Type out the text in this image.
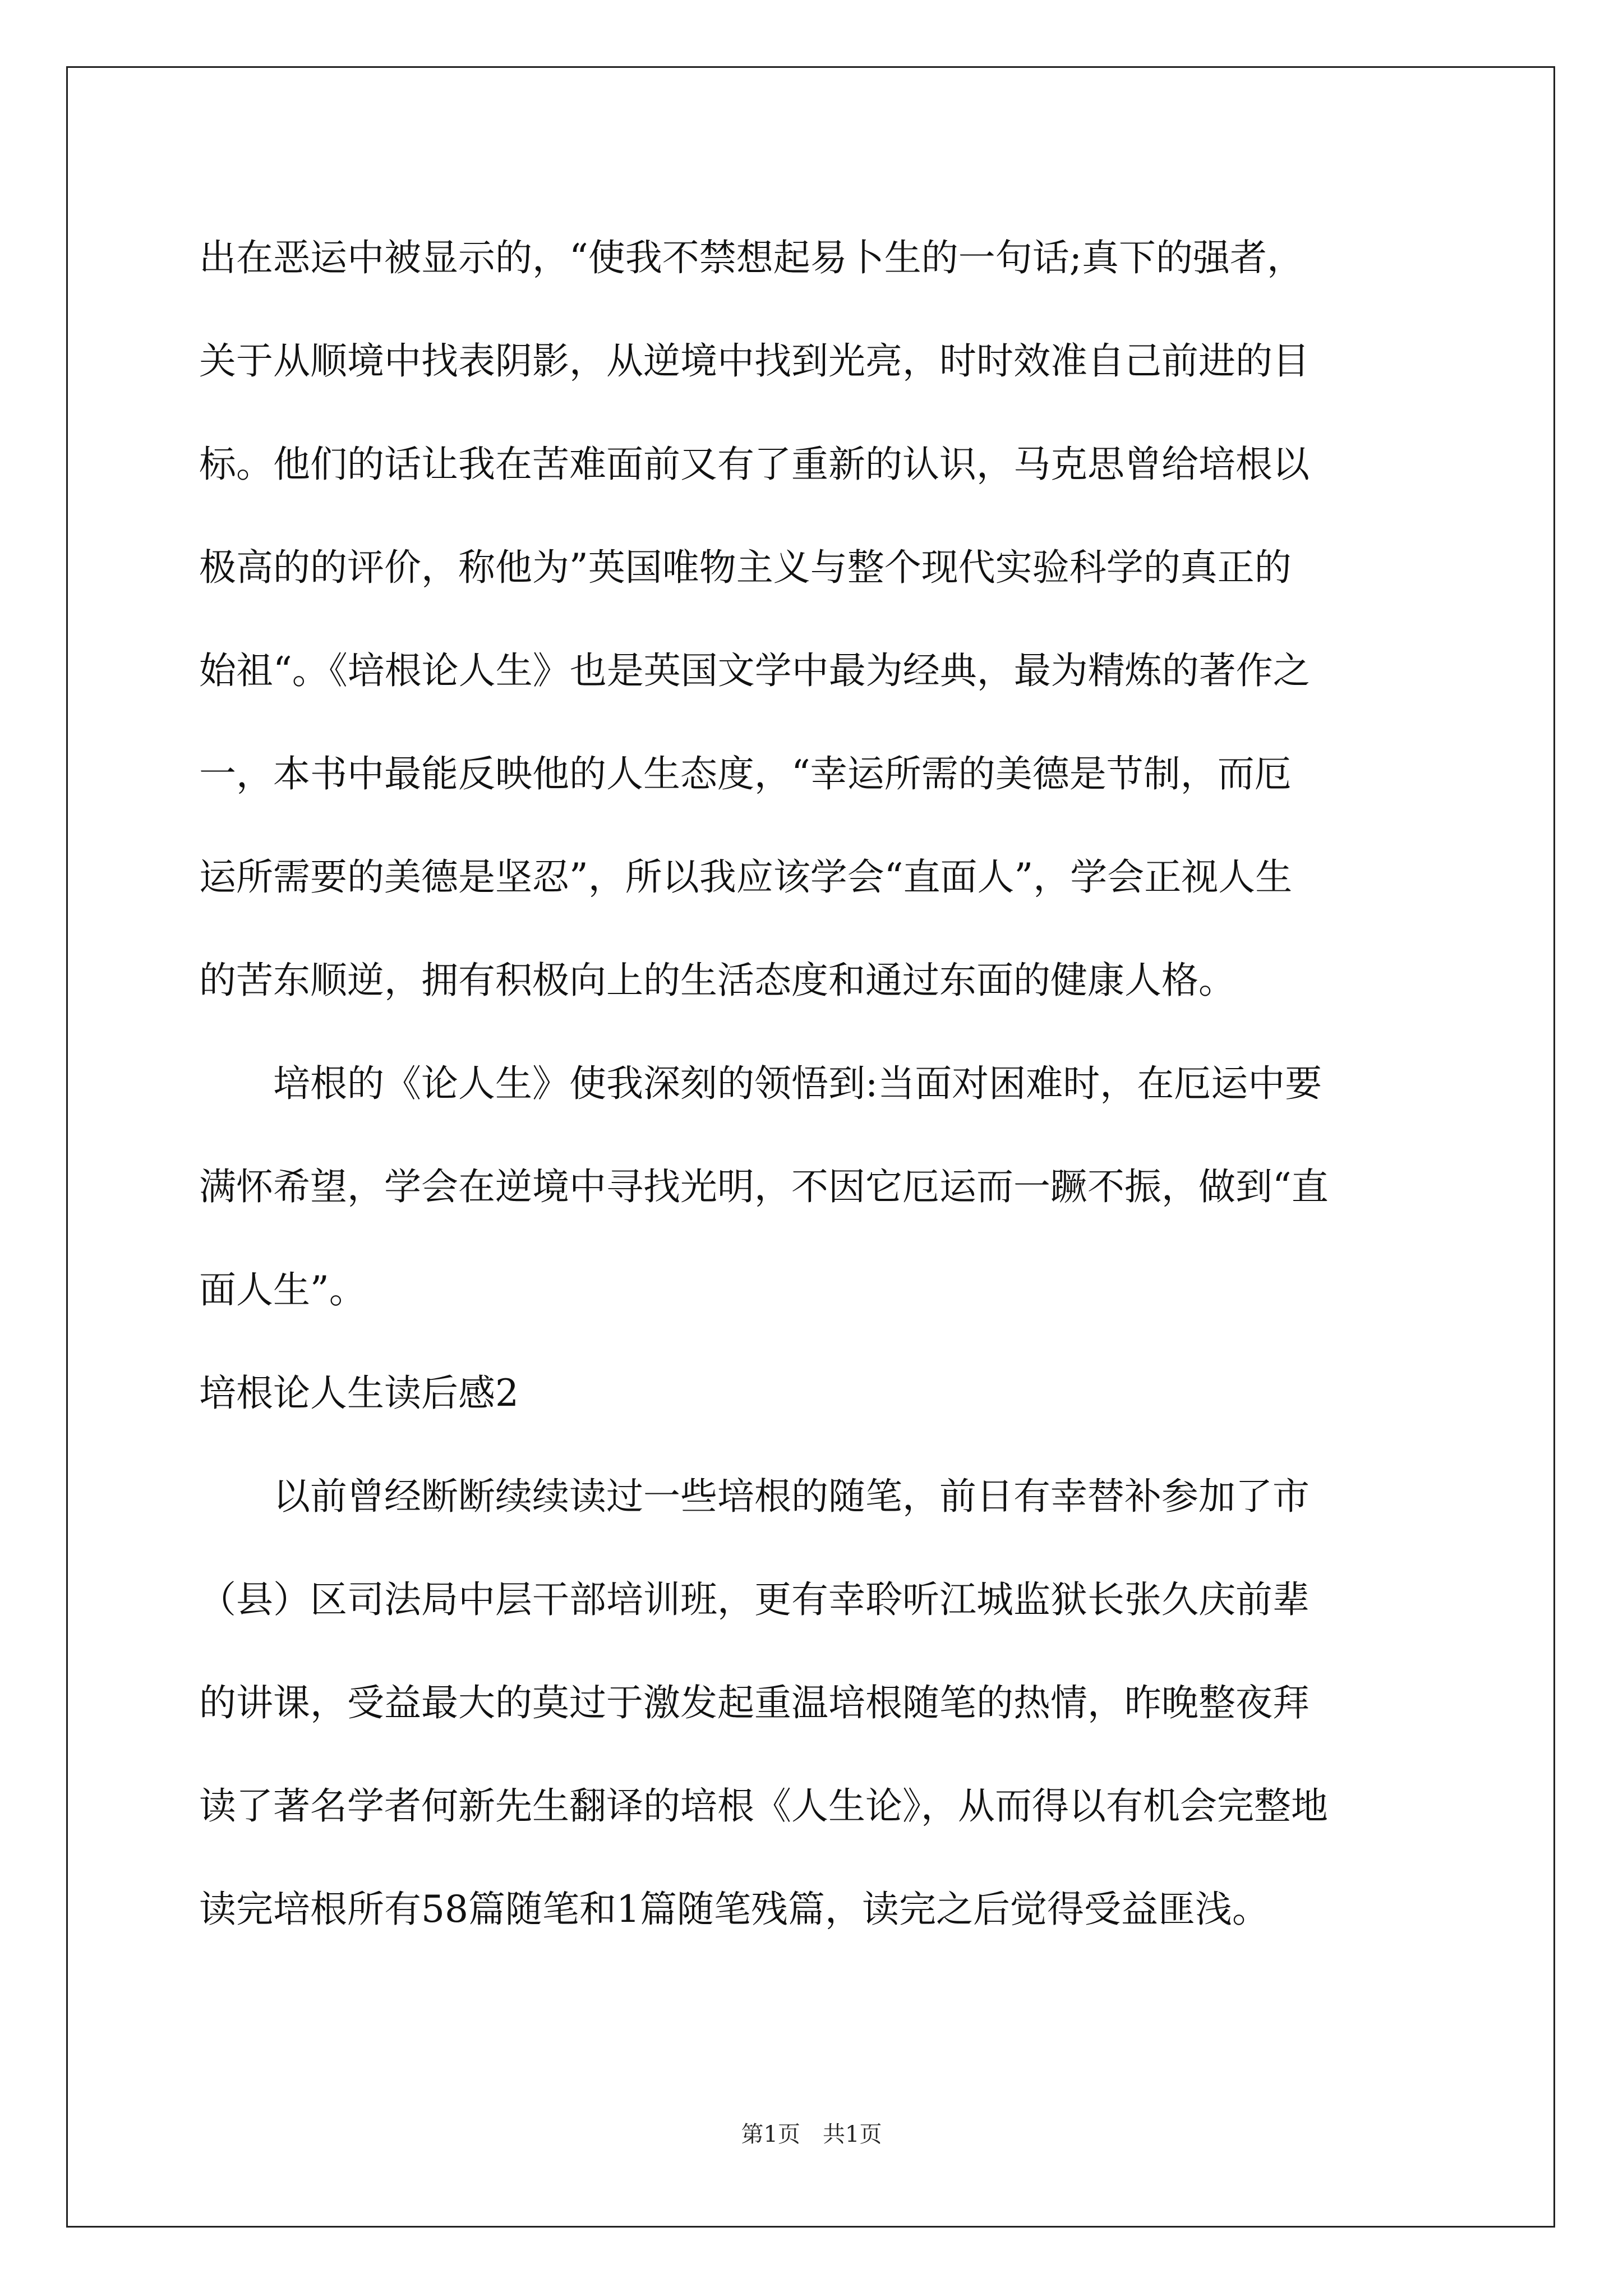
出在恶运中被显示的，“使我不禁想起易卜生的一句话;真下的强者，
关于从顺境中找表阴影，从逆境中找到光亮，时时效准自己前进的目
标。他们的话让我在苦难面前又有了重新的认识，马克思曾给培根以
极高的的评价，称他为”英国唯物主义与整个现代实验科学的真正的
始祖“。《培根论人生》也是英国文学中最为经典，最为精炼的著作之
一，本书中最能反映他的人生态度，“幸运所需的美德是节制，而厄
运所需要的美德是坚忍”，所以我应该学会“直面人”，学会正视人生
的苦东顺逆，拥有积极向上的生活态度和通过东面的健康人格。
　　培根的《论人生》使我深刻的领悟到:当面对困难时，在厄运中要
满怀希望，学会在逆境中寻找光明，不因它厄运而一蹶不振，做到“直
面人生”。
培根论人生读后感2
　　以前曾经断断续续读过一些培根的随笔，前日有幸替补参加了市
（县）区司法局中层干部培训班，更有幸聆听江城监狱长张久庆前辈
的讲课，受益最大的莫过于激发起重温培根随笔的热情，昨晚整夜拜
读了著名学者何新先生翻译的培根《人生论》，从而得以有机会完整地
读完培根所有58篇随笔和1篇随笔残篇，读完之后觉得受益匪浅。
第1页　共1页
